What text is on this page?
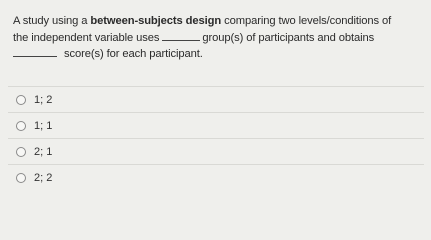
A study using a between-subjects design comparing two levels/conditions of
the independent variable uses	group(s) of participants and obtains
score(s) for each participant.
1; 2
1; 1
2; 1
2; 2
